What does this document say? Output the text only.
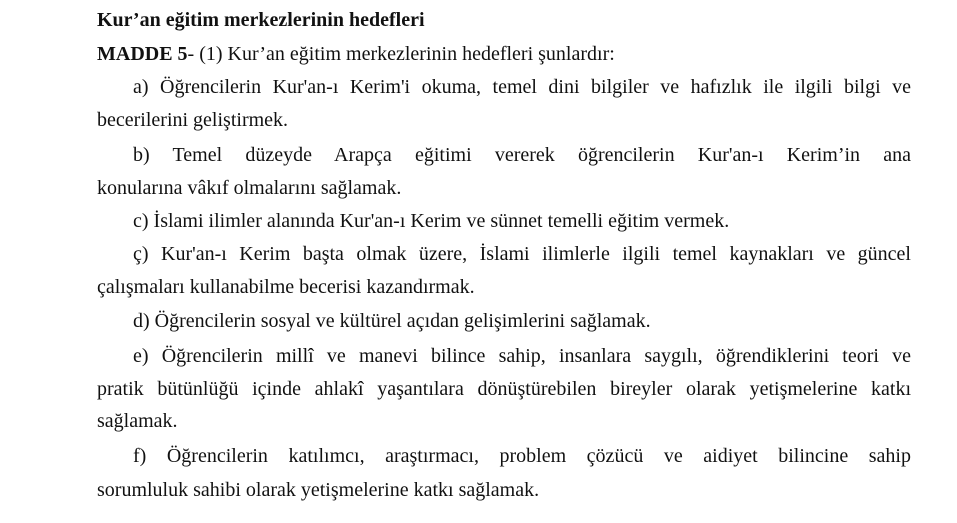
Kur’an eğitim merkezlerinin hedefleri
MADDE 5- (1) Kur’an eğitim merkezlerinin hedefleri şunlardır:
a) Öğrencilerin Kur'an-ı Kerim'i okuma, temel dini bilgiler ve hafızlık ile ilgili bilgi ve
becerilerini geliştirmek.
b) Temel düzeyde Arapça eğitimi vererek öğrencilerin Kur'an-ı Kerim’in ana
konularına vâkıf olmalarını sağlamak.
c) İslami ilimler alanında Kur'an-ı Kerim ve sünnet temelli eğitim vermek.
ç) Kur'an-ı Kerim başta olmak üzere, İslami ilimlerle ilgili temel kaynakları ve güncel
çalışmaları kullanabilme becerisi kazandırmak.
d) Öğrencilerin sosyal ve kültürel açıdan gelişimlerini sağlamak.
e) Öğrencilerin millî ve manevi bilince sahip, insanlara saygılı, öğrendiklerini teori ve
pratik bütünlüğü içinde ahlakî yaşantılara dönüştürebilen bireyler olarak yetişmelerine katkı
sağlamak.
f) Öğrencilerin katılımcı, araştırmacı, problem çözücü ve aidiyet bilincine sahip
sorumluluk sahibi olarak yetişmelerine katkı sağlamak.
